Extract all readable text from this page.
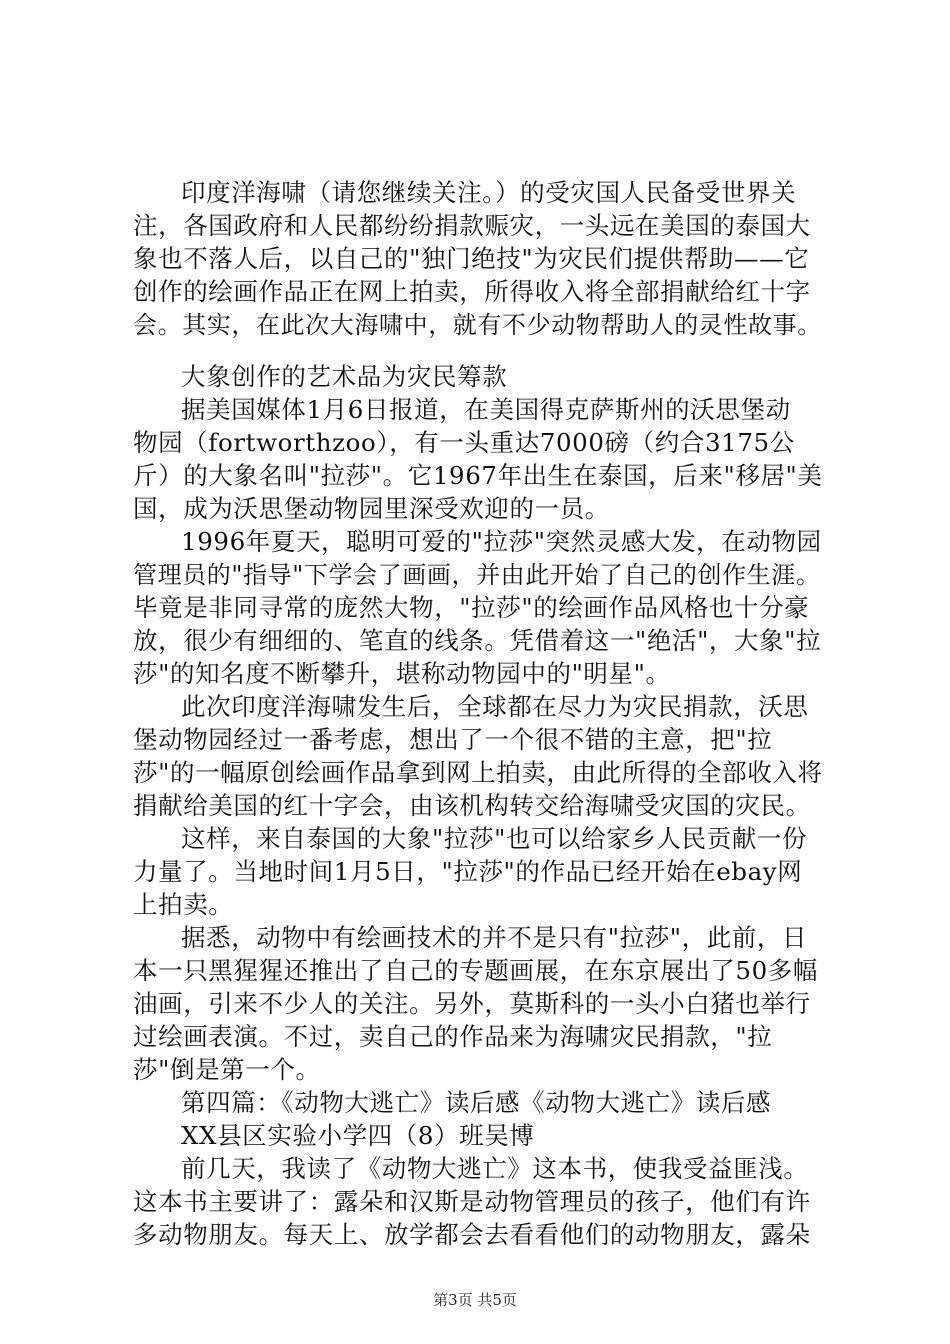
印度洋海啸（请您继续关注。）的受灾国人民备受世界关
注，各国政府和人民都纷纷捐款赈灾，一头远在美国的泰国大
象也不落人后，以自己的"独门绝技"为灾民们提供帮助——它
创作的绘画作品正在网上拍卖，所得收入将全部捐献给红十字
会。其实，在此次大海啸中，就有不少动物帮助人的灵性故事。
大象创作的艺术品为灾民筹款
据美国媒体1月6日报道，在美国得克萨斯州的沃思堡动
物园（fortworthzoo），有一头重达7000磅（约合3175公
斤）的大象名叫"拉莎"。它1967年出生在泰国，后来"移居"美
国，成为沃思堡动物园里深受欢迎的一员。
1996年夏天，聪明可爱的"拉莎"突然灵感大发，在动物园
管理员的"指导"下学会了画画，并由此开始了自己的创作生涯。
毕竟是非同寻常的庞然大物，"拉莎"的绘画作品风格也十分豪
放，很少有细细的、笔直的线条。凭借着这一"绝活"，大象"拉
莎"的知名度不断攀升，堪称动物园中的"明星"。
此次印度洋海啸发生后，全球都在尽力为灾民捐款，沃思
堡动物园经过一番考虑，想出了一个很不错的主意，把"拉
莎"的一幅原创绘画作品拿到网上拍卖，由此所得的全部收入将
捐献给美国的红十字会，由该机构转交给海啸受灾国的灾民。
这样，来自泰国的大象"拉莎"也可以给家乡人民贡献一份
力量了。当地时间1月5日，"拉莎"的作品已经开始在ebay网
上拍卖。
据悉，动物中有绘画技术的并不是只有"拉莎"，此前，日
本一只黑猩猩还推出了自己的专题画展，在东京展出了50多幅
油画，引来不少人的关注。另外，莫斯科的一头小白猪也举行
过绘画表演。不过，卖自己的作品来为海啸灾民捐款，"拉
莎"倒是第一个。
第四篇：《动物大逃亡》读后感《动物大逃亡》读后感
XX县区实验小学四（8）班吴博
前几天，我读了《动物大逃亡》这本书，使我受益匪浅。
这本书主要讲了：露朵和汉斯是动物管理员的孩子，他们有许
多动物朋友。每天上、放学都会去看看他们的动物朋友，露朵
第3页 共5页
